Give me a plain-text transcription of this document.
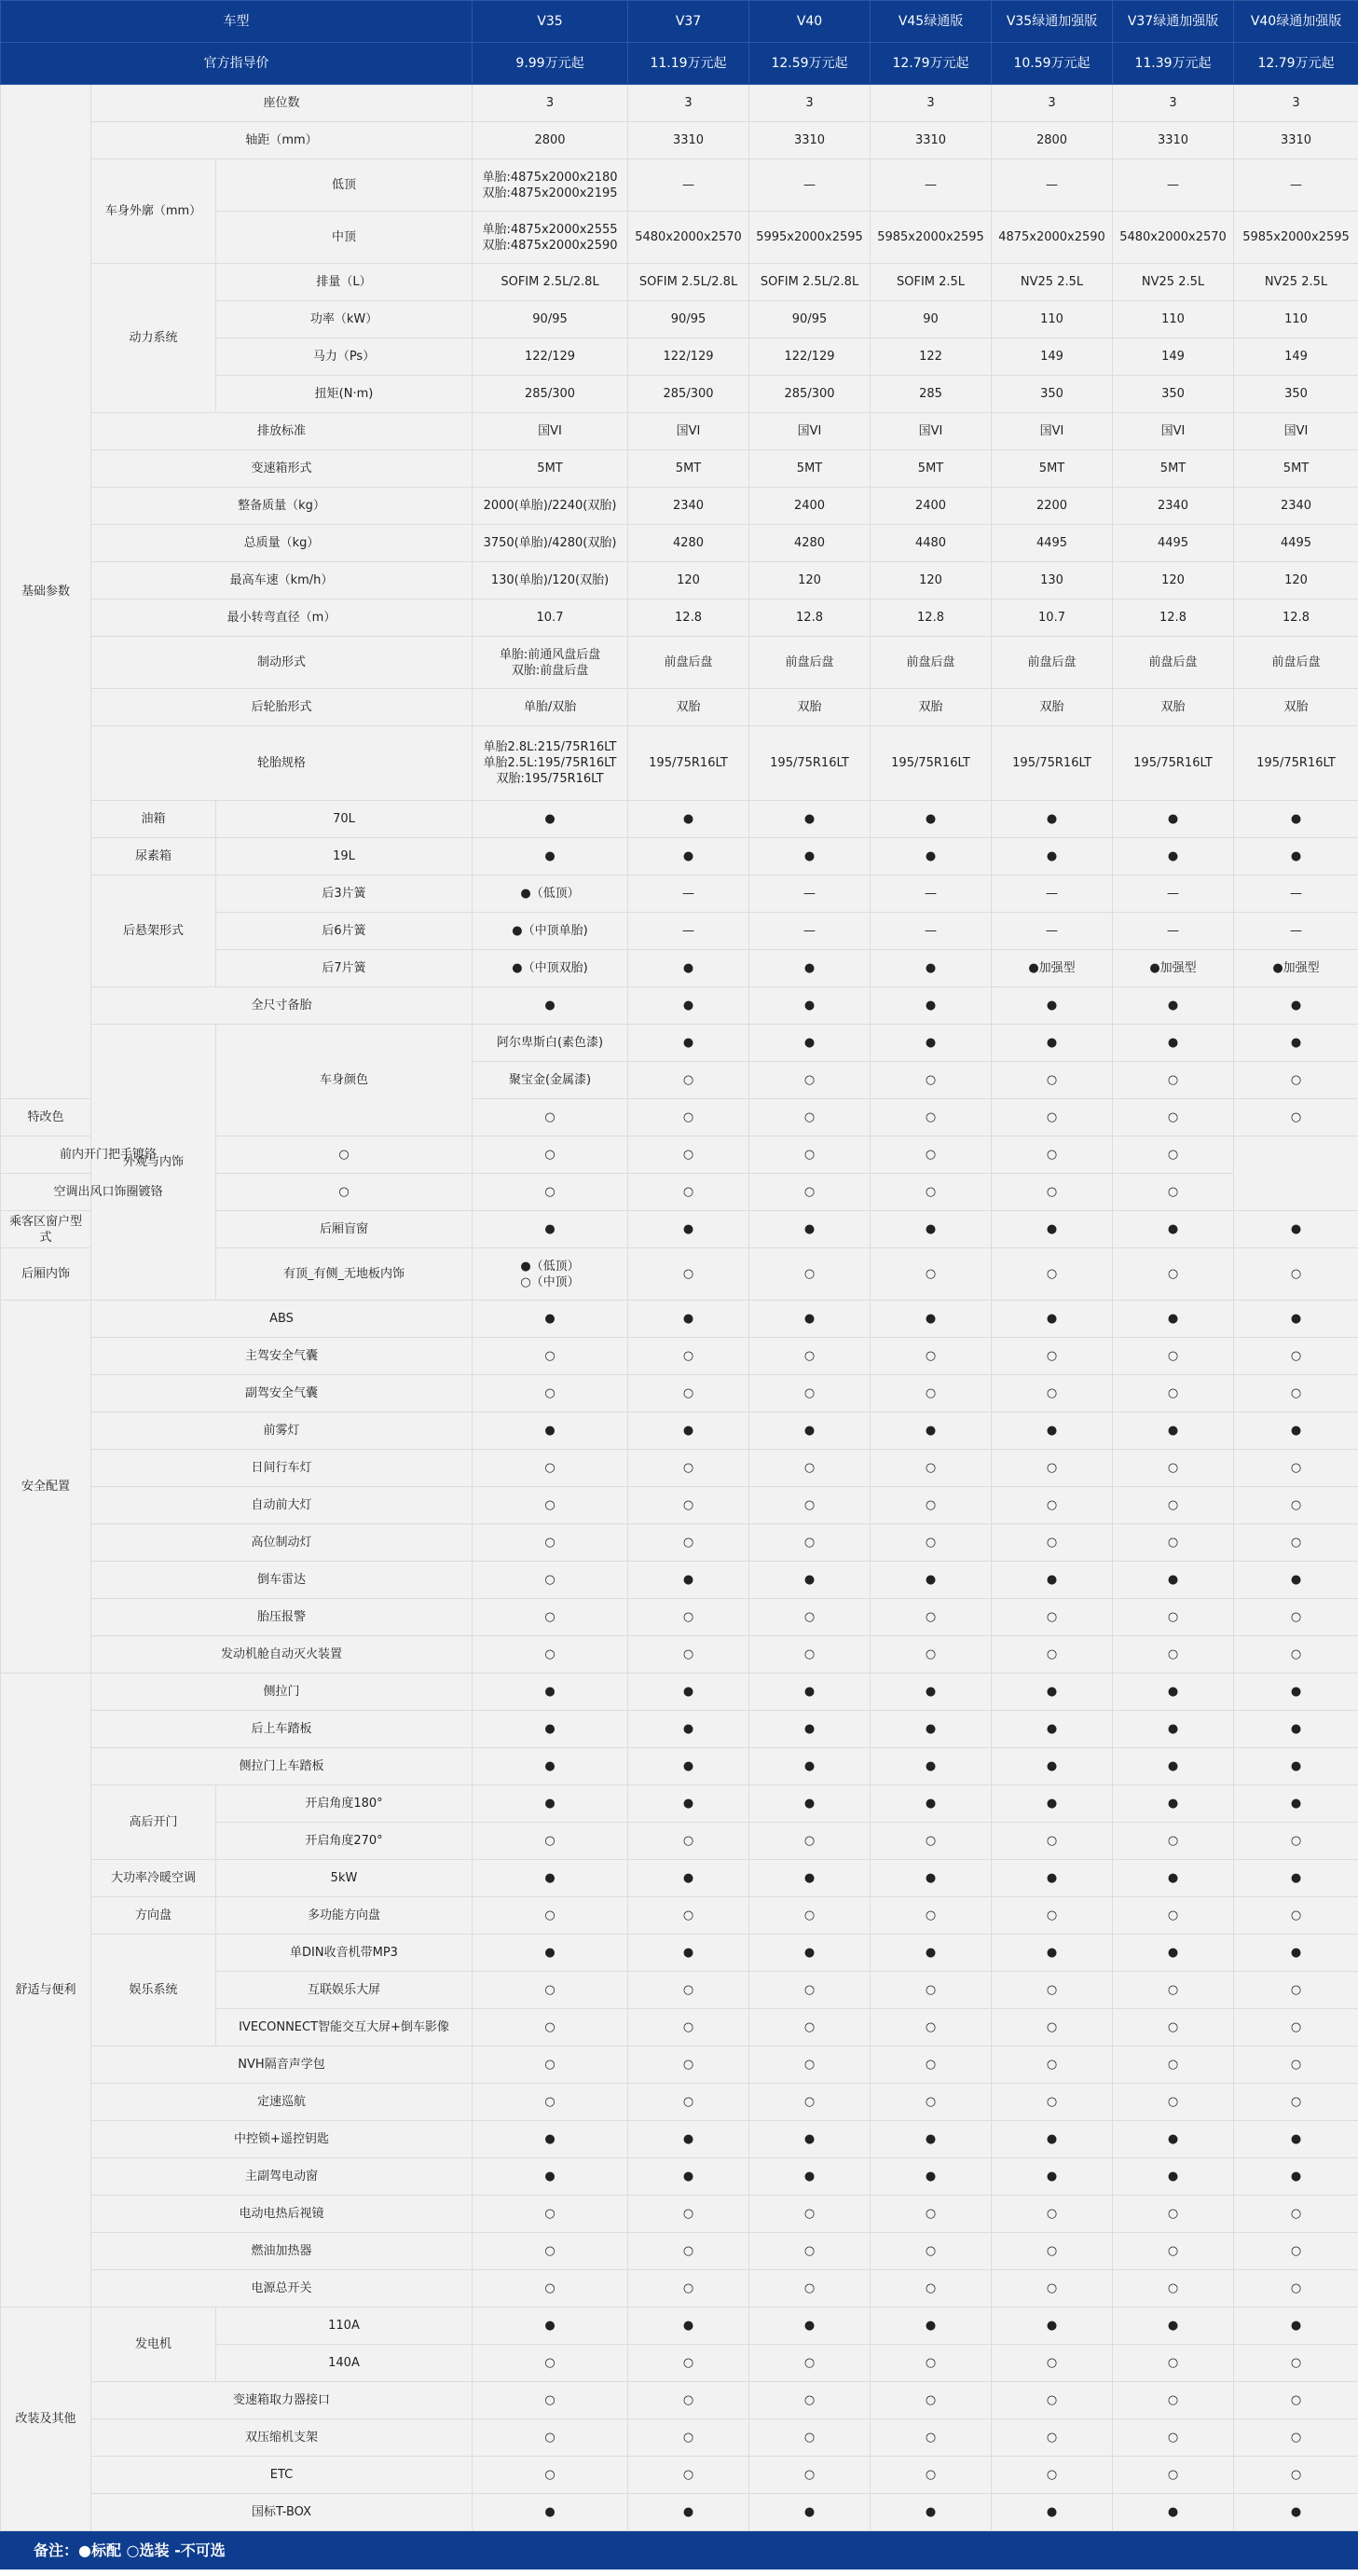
车型			V35	V37	V40	V45绿通版	V35绿通加强版	V37绿通加强版	V40绿通加强版	
官方指导价			9.99万元起	11.19万元起	12.59万元起	12.79万元起	10.59万元起	11.39万元起	12.79万元起	
基础参数	座位数		3	3	3	3	3	3	3	
	轴距（mm）		2800	3310	3310	3310	2800	3310	3310	
	车身外廓（mm）	低顶	单胎:4875x2000x2180
双胎:4875x2000x2195	—	—	—	—	—	—	
		中顶	单胎:4875x2000x2555
双胎:4875x2000x2590	5480x2000x2570	5995x2000x2595	5985x2000x2595	4875x2000x2590	5480x2000x2570	5985x2000x2595	
	动力系统	排量（L）	SOFIM 2.5L/2.8L	SOFIM 2.5L/2.8L	SOFIM 2.5L/2.8L	SOFIM 2.5L	NV25 2.5L	NV25 2.5L	NV25 2.5L	
		功率（kW）	90/95	90/95	90/95	90	110	110	110	
		马力（Ps）	122/129	122/129	122/129	122	149	149	149	
		扭矩(N·m)	285/300	285/300	285/300	285	350	350	350	
	排放标准		国VI	国VI	国VI	国VI	国VI	国VI	国VI	
	变速箱形式		5MT	5MT	5MT	5MT	5MT	5MT	5MT	
	整备质量（kg）		2000(单胎)/2240(双胎)	2340	2400	2400	2200	2340	2340	
	总质量（kg）		3750(单胎)/4280(双胎)	4280	4280	4480	4495	4495	4495	
	最高车速（km/h）		130(单胎)/120(双胎)	120	120	120	130	120	120	
	最小转弯直径（m）		10.7	12.8	12.8	12.8	10.7	12.8	12.8	
	制动形式		单胎:前通风盘后盘
双胎:前盘后盘	前盘后盘	前盘后盘	前盘后盘	前盘后盘	前盘后盘	前盘后盘	
	后轮胎形式		单胎/双胎	双胎	双胎	双胎	双胎	双胎	双胎	
	轮胎规格		单胎2.8L:215/75R16LT
单胎2.5L:195/75R16LT
双胎:195/75R16LT	195/75R16LT	195/75R16LT	195/75R16LT	195/75R16LT	195/75R16LT	195/75R16LT	
	油箱	70L	●	●	●	●	●	●	●	
	尿素箱	19L	●	●	●	●	●	●	●	
	后悬架形式	后3片簧	●（低顶）	—	—	—	—	—	—	
		后6片簧	●（中顶单胎)	—	—	—	—	—	—	
		后7片簧	●（中顶双胎)	●	●	●	●加强型	●加强型	●加强型	
	全尺寸备胎		●	●	●	●	●	●	●	
	外观与内饰	车身颜色	阿尔卑斯白(素色漆)	●	●	●	●	●	●	
			聚宝金(金属漆)	○	○	○	○	○	○	
特改色			○	○	○	○	○	○	○	
前内开门把手镀铬		○	○	○	○	○	○	○		
空调出风口饰圈镀铬		○	○	○	○	○	○	○		
乘客区窗户型式		后厢盲窗	●	●	●	●	●	●	●	
后厢内饰		有顶_有侧_无地板内饰	●（低顶）
○（中顶）	○	○	○	○	○	○	
安全配置	ABS		●	●	●	●	●	●	●	
	主驾安全气囊		○	○	○	○	○	○	○	
	副驾安全气囊		○	○	○	○	○	○	○	
	前雾灯		●	●	●	●	●	●	●	
	日间行车灯		○	○	○	○	○	○	○	
	自动前大灯		○	○	○	○	○	○	○	
	高位制动灯		○	○	○	○	○	○	○	
	倒车雷达		○	●	●	●	●	●	●	
	胎压报警		○	○	○	○	○	○	○	
	发动机舱自动灭火装置		○	○	○	○	○	○	○	
舒适与便利	侧拉门		●	●	●	●	●	●	●	
	后上车踏板		●	●	●	●	●	●	●	
	侧拉门上车踏板		●	●	●	●	●	●	●	
	高后开门	开启角度180°	●	●	●	●	●	●	●	
		开启角度270°	○	○	○	○	○	○	○	
	大功率冷暖空调	5kW	●	●	●	●	●	●	●	
	方向盘	多功能方向盘	○	○	○	○	○	○	○	
	娱乐系统	单DIN收音机带MP3	●	●	●	●	●	●	●	
		互联娱乐大屏	○	○	○	○	○	○	○	
		IVECONNECT智能交互大屏+倒车影像	○	○	○	○	○	○	○	
	NVH隔音声学包		○	○	○	○	○	○	○	
	定速巡航		○	○	○	○	○	○	○	
	中控锁+遥控钥匙		●	●	●	●	●	●	●	
	主副驾电动窗		●	●	●	●	●	●	●	
	电动电热后视镜		○	○	○	○	○	○	○	
	燃油加热器		○	○	○	○	○	○	○	
	电源总开关		○	○	○	○	○	○	○	
改装及其他	发电机	110A	●	●	●	●	●	●	●	
		140A	○	○	○	○	○	○	○	
	变速箱取力器接口		○	○	○	○	○	○	○	
	双压缩机支架		○	○	○	○	○	○	○	
	ETC		○	○	○	○	○	○	○	
	国标T-BOX		●	●	●	●	●	●	●	
备注：●标配 ○选装 -不可选
